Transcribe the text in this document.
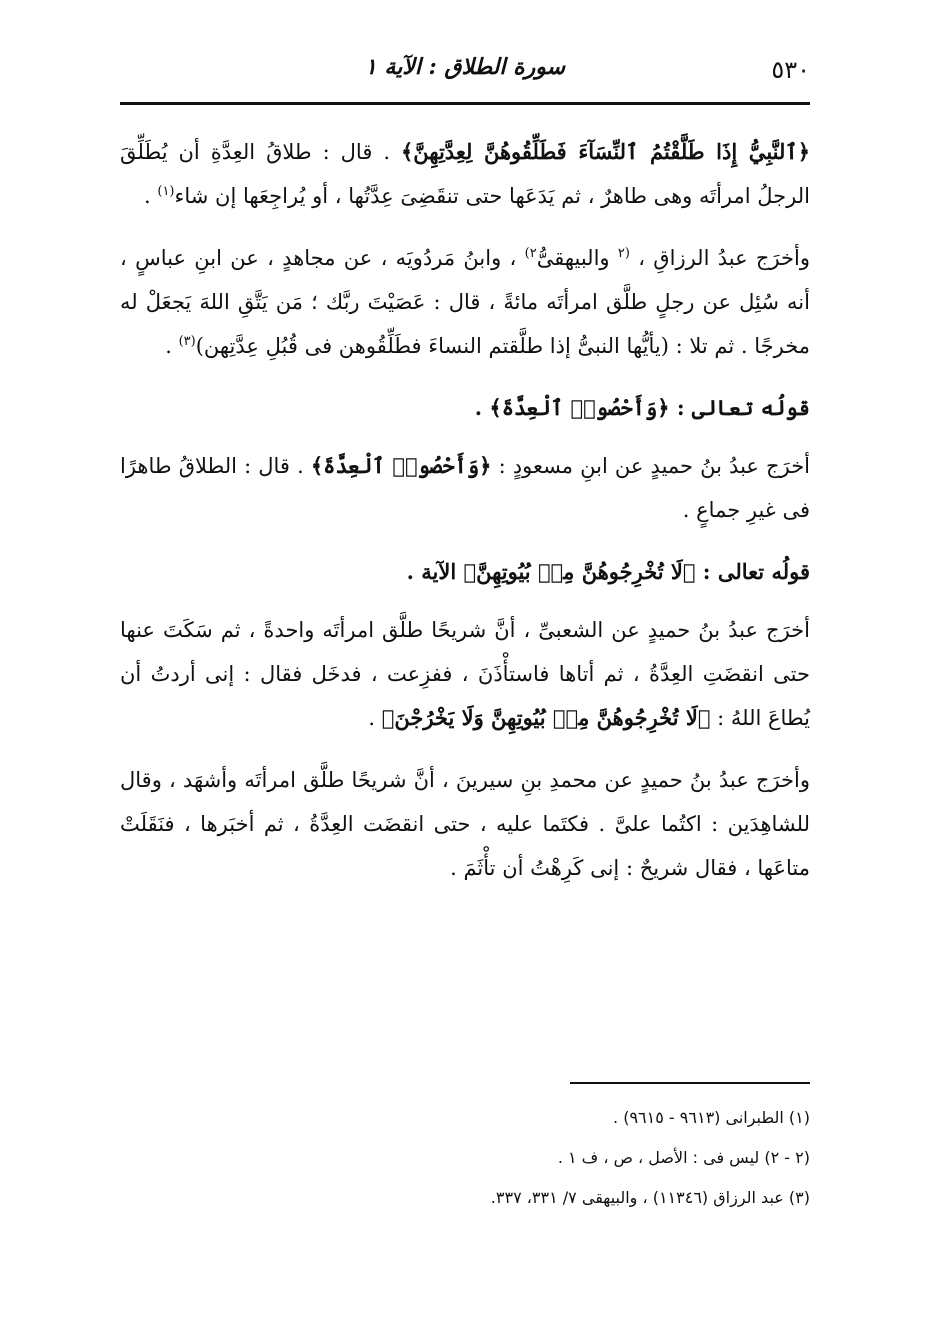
٥٣٠
سورة الطلاق : الآية ١

﴿ٱلنَّبِيُّ إِذَا طَلَّقْتُمُ ٱلنِّسَآءَ فَطَلِّقُوهُنَّ لِعِدَّتِهِنَّ﴾ . قال : طلاقُ العِدَّةِ أن يُطَلِّقَ الرجلُ امرأتَه وهى طاهرٌ ، ثم يَدَعَها حتى تنقَضِىَ عِدَّتُها ، أو يُراجِعَها إن شاء$^{(١)}$ .

وأخرَج عبدُ الرزاقِ ، $^{(٢}$ والبيهقىُّ$^{٢)}$ ، وابنُ مَردُويَه ، عن مجاهدٍ ، عن ابنِ عباسٍ ، أنه سُئِل عن رجلٍ طلَّق امرأتَه مائةً ، قال : عَصَيْتَ ربَّك ؛ مَن يَتَّقِ اللهَ يَجعَلْ له مخرجًا . ثم تلا : (يأيُّها النبىُّ إذا طلَّقتم النساءَ فطَلِّقُوهن فى قُبُلِ عِدَّتِهن)$^{(٣)}$ .

قولُه تعالى : ﴿وَأَحْصُوا۟ ٱلْعِدَّةَ﴾ .

أخرَج عبدُ بنُ حميدٍ عن ابنِ مسعودٍ : ﴿وَأَحْصُوا۟ ٱلْعِدَّةَ﴾ . قال : الطلاقُ طاهرًا فى غيرِ جماعٍ .

قولُه تعالى : ﴿لَا تُخْرِجُوهُنَّ مِنۢ بُيُوتِهِنَّ﴾ الآية .

أخرَج عبدُ بنُ حميدٍ عن الشعبىِّ ، أنَّ شريحًا طلَّق امرأتَه واحدةً ، ثم سَكَتَ عنها حتى انقضَتِ العِدَّةُ ، ثم أتاها فاستأْذَنَ ، ففزِعت ، فدخَل فقال : إنى أردتُ أن يُطاعَ اللهُ : ﴿لَا تُخْرِجُوهُنَّ مِنۢ بُيُوتِهِنَّ وَلَا يَخْرُجْنَ﴾ .

وأخرَج عبدُ بنُ حميدٍ عن محمدِ بنِ سيرينَ ، أنَّ شريحًا طلَّق امرأتَه وأشهَد ، وقال للشاهِدَين : اكتُما علىَّ . فكتَما عليه ، حتى انقضَت العِدَّةُ ، ثم أخبَرها ، فنَقَلَتْ متاعَها ، فقال شريحٌ : إنى كَرِهْتُ أن تأْثَمَ .

(١) الطبرانى (٩٦١٣ - ٩٦١٥) .

(٢ - ٢) ليس فى : الأصل ، ص ، ف ١ .

(٣) عبد الرزاق (١١٣٤٦) ، والبيهقى ٧/ ٣٣١، ٣٣٧.
